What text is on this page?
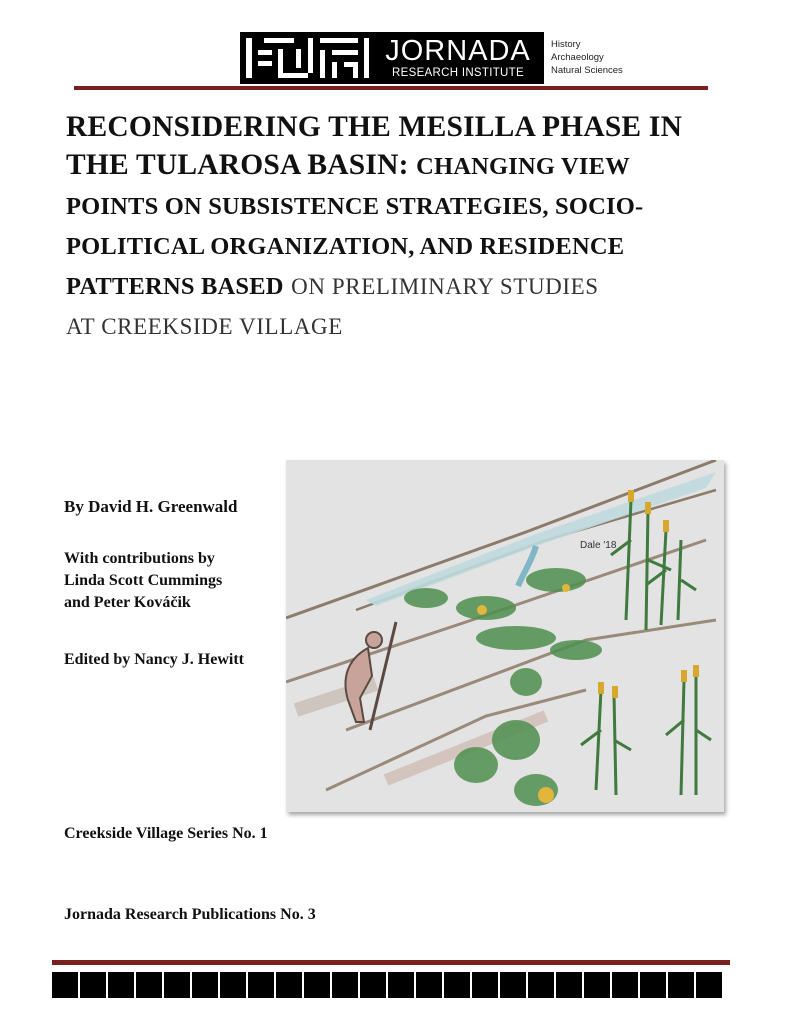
JORNADA
RESEARCH INSTITUTE
History
Archaeology
Natural Sciences
RECONSIDERING THE MESILLA PHASE IN
THE TULAROSA BASIN: CHANGING VIEW
POINTS ON SUBSISTENCE STRATEGIES, SOCIO-
POLITICAL ORGANIZATION, AND RESIDENCE
PATTERNS BASED ON PRELIMINARY STUDIES
AT CREEKSIDE VILLAGE
By David H. Greenwald
With contributions by
Linda Scott Cummings
and Peter Kováčik
Edited by Nancy J. Hewitt
Dale '18
Creekside Village Series No. 1
Jornada Research Publications No. 3
